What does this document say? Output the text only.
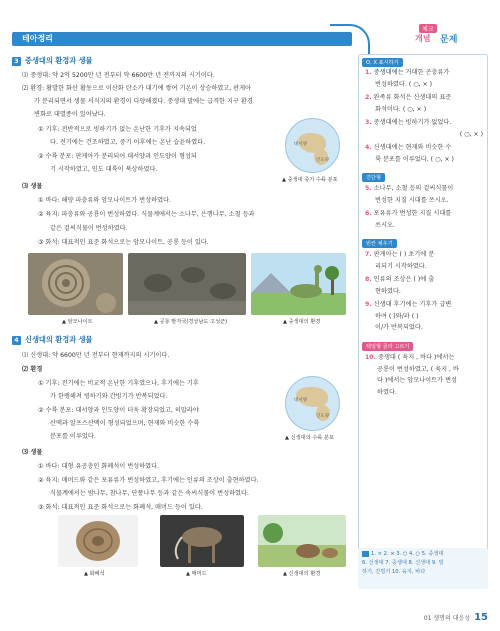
테아정리
체크
개념 문제
3 중생대의 환경과 생물
⑴ 중생대: 약 2억 5200만 년 전부터 약 6600만 년 전까지의 시기이다.
⑵ 환경: 활발한 화산 활동으로 이산화 탄소가 대기에 쌓여 기온이 상승하였고, 판게아
가 분리되면서 생물 서식지의 환경이 다양해졌다. 중생대 말에는 급격한 지구 환경
변화로 대멸종이 일어났다.
① 기후: 전반적으로 빙하기가 없는 온난한 기후가 지속되었
다. 전기에는 건조하였고, 중기 이후에는 온난 습윤하였다.
② 수륙 분포: 판게아가 분리되어 대서양과 인도양이 형성되
기 시작하였고, 인도 대륙이 북상하였다.
⑶ 생물
① 바다: 해양 파충류와 암모나이트가 번성하였다.
② 육지: 파충류와 공룡이 번성하였다. 식물계에서는 소나무, 은행나무, 소철 등과
같은 겉씨식물이 번성하였다.
③ 화석: 대표적인 표준 화석으로는 암모나이트, 공룡 등이 있다.
대서양
인도양
▲ 중생대 중기 수륙 분포
▲ 암모나이트	▲ 공룡 발자국(경상남도 고성군)	▲ 중생대의 환경
4 신생대의 환경과 생물
⑴ 신생대: 약 6600만 년 전부터 현재까지의 시기이다.
⑵ 환경
① 기후: 전기에는 비교적 온난한 기후였으나, 후기에는 기후
가 한랭해져 빙하기와 간빙기가 반복되었다.
② 수륙 분포: 대서양과 인도양이 더욱 확장되었고, 히말라야
산맥과 알프스산맥이 형성되었으며, 현재와 비슷한 수륙
분포를 이루었다.
⑶ 생물
① 바다: 대형 유공충인 화폐석이 번성하였다.
② 육지: 매머드와 같은 포유류가 번성하였고, 후기에는 인류의 조상이 출현하였다.
식물계에서는 밤나무, 참나무, 단풍나무 등과 같은 속씨식물이 번성하였다.
③ 화석: 대표적인 표준 화석으로는 화폐석, 매머드 등이 있다.
대서양
인도양
▲ 신생대의 수륙 분포
▲ 화폐석	▲ 매머드	▲ 신생대의 환경
O, X 표시하기
1. 중생대에는 거대한 곤충류가
번성하였다. ( ○, × )
2. 완족류 화석은 신생대의 표준
화석이다. ( ○, × )
3. 중생대에는 빙하기가 없었다.
( ○, × )
4. 신생대에는 현재와 비슷한 수
륙 분포를 이루었다. ( ○, × )
진단형
5. 소나무, 소철 등의 겉씨식물이
번성한 지질 시대를 쓰시오.
6. 포유류가 번성한 지질 시대를
쓰시오.
빈칸 채우기
7. 판게아는 ( ) 초기에 분
리되기 시작하였다.
8. 인류의 조상은 ( )에 출
현하였다.
9. 신생대 후기에는 기후가 급변
하여 ( )와/과 ( )
이/가 반복되었다.
택일형 골라 고르기
10. 중생대 ( 육지 , 바다 )에서는
공룡이 번성하였고, ( 육지 , 바
다 )에서는 암모나이트가 번성
하였다.
1. × 2. × 3. ○ 4. ○ 5. 중생대
6. 신생대 7. 중생대 8. 신생대 9. 빙
하기, 간빙기 10. 육지, 바다
01 생명의 대응성 15
